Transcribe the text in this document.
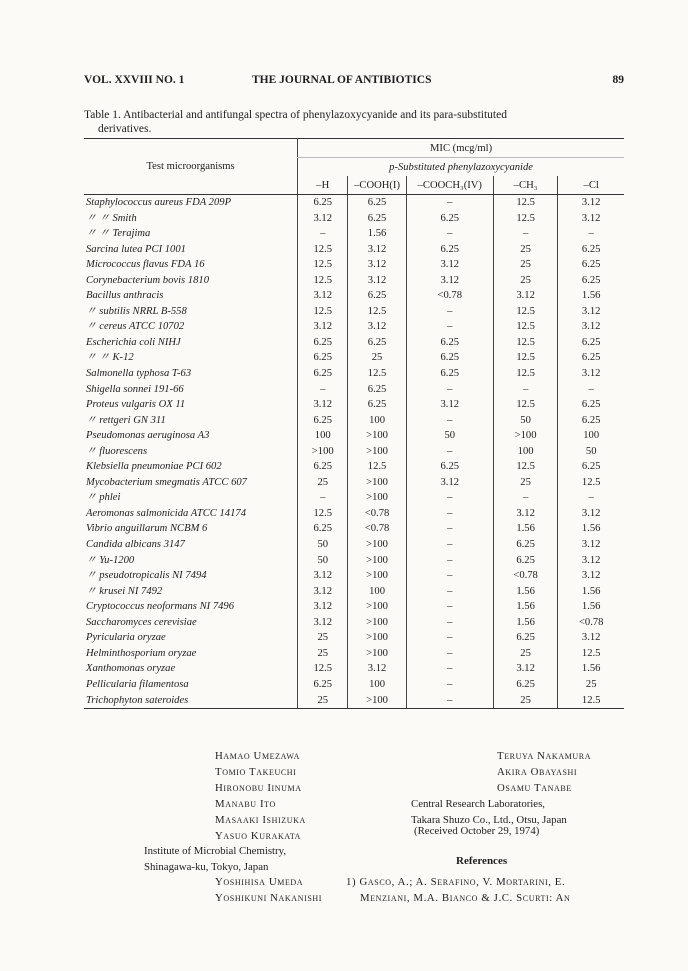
VOL. XXVIII NO. 1	THE JOURNAL OF ANTIBIOTICS	89
Table 1. Antibacterial and antifungal spectra of phenylazoxycyanide and its para-substituted
derivatives.
Test microorganisms	MIC (mcg/ml)				
	p-Substituted phenylazoxycyanide				
	–H	–COOH(I)	–COOCH₃(IV)	–CH₃	–Cl
Staphylococcus aureus FDA 209P	6.25	6.25	–	12.5	3.12
〃 〃 Smith	3.12	6.25	6.25	12.5	3.12
〃 〃 Terajima	–	1.56	–	–	–
Sarcina lutea PCI 1001	12.5	3.12	6.25	25	6.25
Micrococcus flavus FDA 16	12.5	3.12	3.12	25	6.25
Corynebacterium bovis 1810	12.5	3.12	3.12	25	6.25
Bacillus anthracis	3.12	6.25	<0.78	3.12	1.56
〃 subtilis NRRL B-558	12.5	12.5	–	12.5	3.12
〃 cereus ATCC 10702	3.12	3.12	–	12.5	3.12
Escherichia coli NIHJ	6.25	6.25	6.25	12.5	6.25
〃 〃 K-12	6.25	25	6.25	12.5	6.25
Salmonella typhosa T-63	6.25	12.5	6.25	12.5	3.12
Shigella sonnei 191-66	–	6.25	–	–	–
Proteus vulgaris OX 11	3.12	6.25	3.12	12.5	6.25
〃 rettgeri GN 311	6.25	100	–	50	6.25
Pseudomonas aeruginosa A3	100	>100	50	>100	100
〃 fluorescens	>100	>100	–	100	50
Klebsiella pneumoniae PCI 602	6.25	12.5	6.25	12.5	6.25
Mycobacterium smegmatis ATCC 607	25	>100	3.12	25	12.5
〃 phlei	–	>100	–	–	–
Aeromonas salmonicida ATCC 14174	12.5	<0.78	–	3.12	3.12
Vibrio anguillarum NCBM 6	6.25	<0.78	–	1.56	1.56
Candida albicans 3147	50	>100	–	6.25	3.12
〃 Yu-1200	50	>100	–	6.25	3.12
〃 pseudotropicalis NI 7494	3.12	>100	–	<0.78	3.12
〃 krusei NI 7492	3.12	100	–	1.56	1.56
Cryptococcus neoformans NI 7496	3.12	>100	–	1.56	1.56
Saccharomyces cerevisiae	3.12	>100	–	1.56	<0.78
Pyricularia oryzae	25	>100	–	6.25	3.12
Helminthosporium oryzae	25	>100	–	25	12.5
Xanthomonas oryzae	12.5	3.12	–	3.12	1.56
Pellicularia filamentosa	6.25	100	–	6.25	25
Trichophyton sateroides	25	>100	–	25	12.5
Hamao Umezawa
Tomio Takeuchi
Hironobu Iinuma
Manabu Ito
Masaaki Ishizuka
Yasuo Kurakata
Institute of Microbial Chemistry,
Shinagawa-ku, Tokyo, Japan
Yoshihisa Umeda
Yoshikuni Nakanishi
Teruya Nakamura
Akira Obayashi
Osamu Tanabe
Central Research Laboratories,
Takara Shuzo Co., Ltd., Otsu, Japan
(Received October 29, 1974)
References
1) Gasco, A.; A. Serafino, V. Mortarini, E.
Menziani, M.A. Bianco & J.C. Scurti: An
